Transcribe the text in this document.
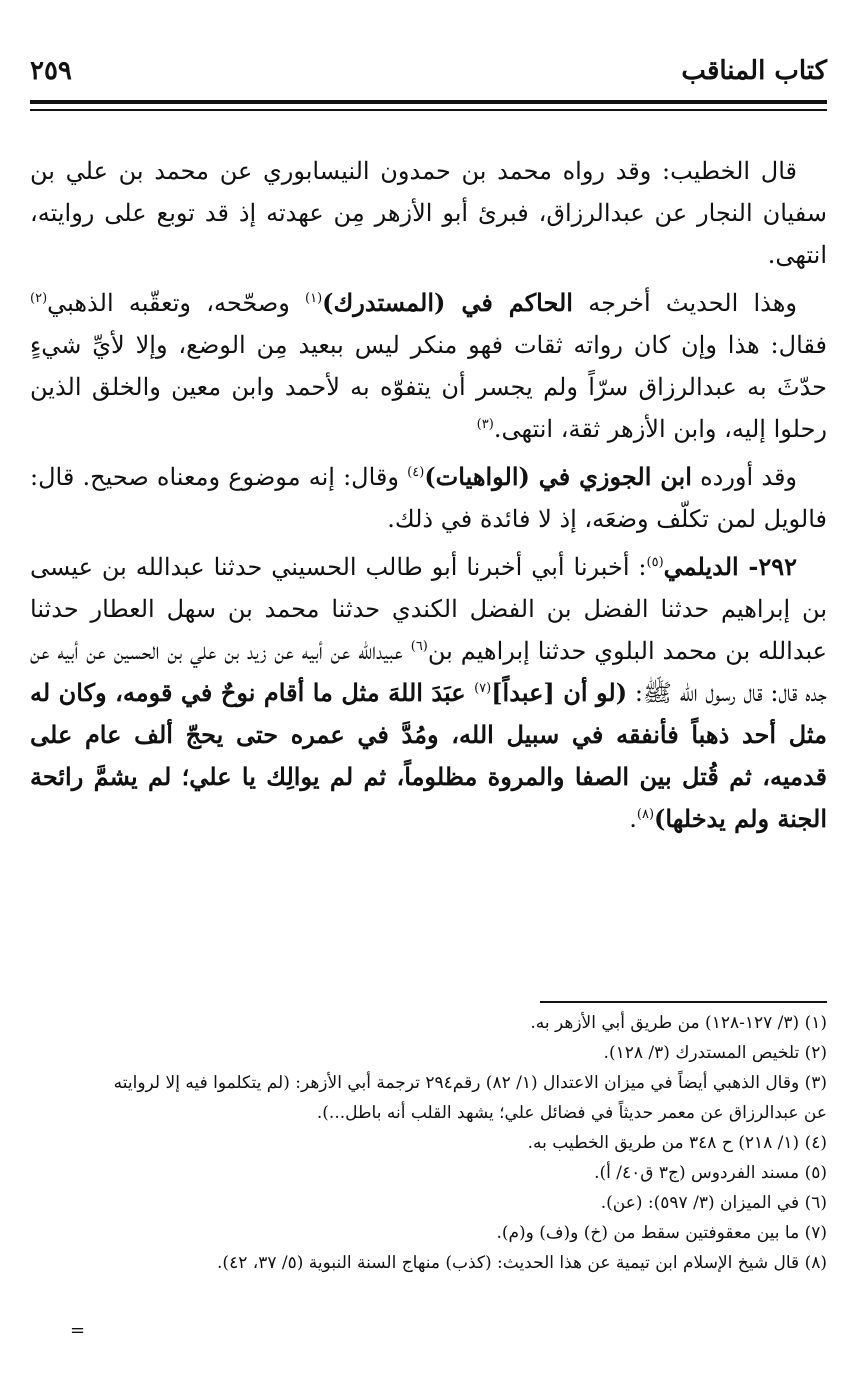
كتاب المناقب
٢٥٩

قال الخطيب: وقد رواه محمد بن حمدون النيسابوري عن محمد بن علي بن سفيان النجار عن عبدالرزاق، فبرئ أبو الأزهر مِن عهدته إذ قد توبع على روايته، انتهى.

وهذا الحديث أخرجه الحاكم في (المستدرك)$^{(١)}$ وصحّحه، وتعقّبه الذهبي$^{(٢)}$ فقال: هذا وإن كان رواته ثقات فهو منكر ليس ببعيد مِن الوضع، وإلا لأيِّ شيءٍ حدّثَ به عبدالرزاق سرّاً ولم يجسر أن يتفوّه به لأحمد وابن معين والخلق الذين رحلوا إليه، وابن الأزهر ثقة، انتهى.$^{(٣)}$

وقد أورده ابن الجوزي في (الواهيات)$^{(٤)}$ وقال: إنه موضوع ومعناه صحيح. قال: فالويل لمن تكلّف وضعَه، إذ لا فائدة في ذلك.

٢٩٢- الديلمي$^{(٥)}$: أخبرنا أبي أخبرنا أبو طالب الحسيني حدثنا عبدالله بن عيسى بن إبراهيم حدثنا الفضل بن الفضل الكندي حدثنا محمد بن سهل العطار حدثنا عبدالله بن محمد البلوي حدثنا إبراهيم بن$^{(٦)}$ عبيدالله عن أبيه عن زيد بن علي بن الحسين عن أبيه عن جده قال: قال رسول الله ﷺ: (لو أن [عبداً]$^{(٧)}$ عبَدَ اللهَ مثل ما أقام نوحٌ في قومه، وكان له مثل أحد ذهباً فأنفقه في سبيل الله، ومُدَّ في عمره حتى يحجّ ألف عام على قدميه، ثم قُتل بين الصفا والمروة مظلوماً، ثم لم يوالِك يا علي؛ لم يشمَّ رائحة الجنة ولم يدخلها)$^{(٨)}$.

(١) (٣/ ١٢٧-١٢٨) من طريق أبي الأزهر به.

(٢) تلخيص المستدرك (٣/ ١٢٨).

(٣) وقال الذهبي أيضاً في ميزان الاعتدال (١/ ٨٢) رقم٢٩٤ ترجمة أبي الأزهر: (لم يتكلموا فيه إلا لروايته

عن عبدالرزاق عن معمر حديثاً في فضائل علي؛ يشهد القلب أنه باطل...).

(٤) (١/ ٢١٨) ح ٣٤٨ من طريق الخطيب به.

(٥) مسند الفردوس (ج٣ ق٤٠/ أ).

(٦) في الميزان (٣/ ٥٩٧): (عن).

(٧) ما بين معقوفتين سقط من (خ) و(ف) و(م).

(٨) قال شيخ الإسلام ابن تيمية عن هذا الحديث: (كذب) منهاج السنة النبوية (٥/ ٣٧، ٤٢).

=
